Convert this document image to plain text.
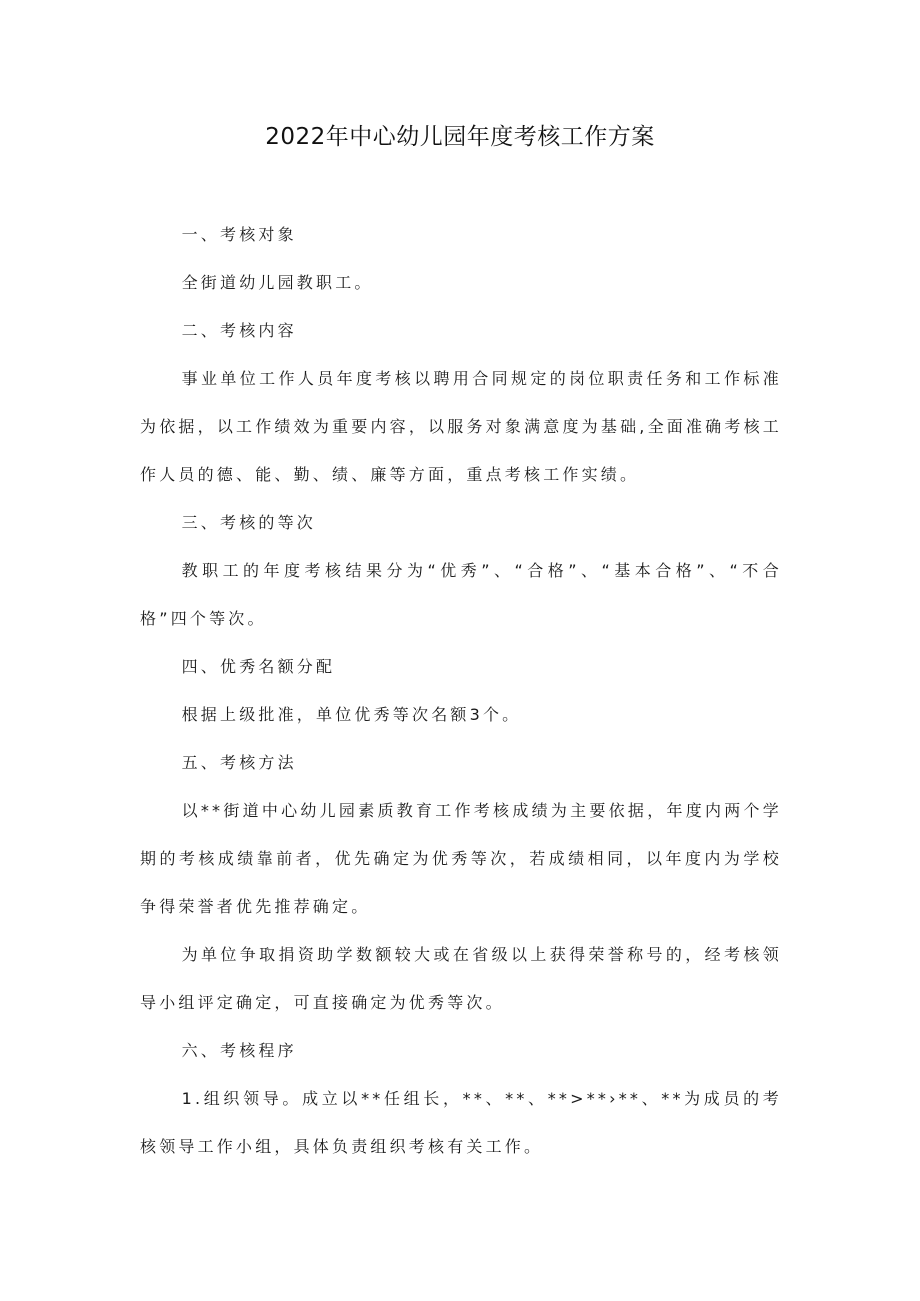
2022年中心幼儿园年度考核工作方案

一、考核对象

全街道幼儿园教职工。

二、考核内容

事业单位工作人员年度考核以聘用合同规定的岗位职责任务和工作标准为依据，以工作绩效为重要内容，以服务对象满意度为基础,全面准确考核工作人员的德、能、勤、绩、廉等方面，重点考核工作实绩。

三、考核的等次

教职工的年度考核结果分为“优秀”、“合格”、“基本合格”、“不合格”四个等次。

四、优秀名额分配

根据上级批准，单位优秀等次名额3个。

五、考核方法

以**街道中心幼儿园素质教育工作考核成绩为主要依据，年度内两个学期的考核成绩靠前者，优先确定为优秀等次，若成绩相同，以年度内为学校争得荣誉者优先推荐确定。

为单位争取捐资助学数额较大或在省级以上获得荣誉称号的，经考核领导小组评定确定，可直接确定为优秀等次。

六、考核程序

1.组织领导。成立以**任组长，**、**、**>**›**、**为成员的考核领导工作小组，具体负责组织考核有关工作。
